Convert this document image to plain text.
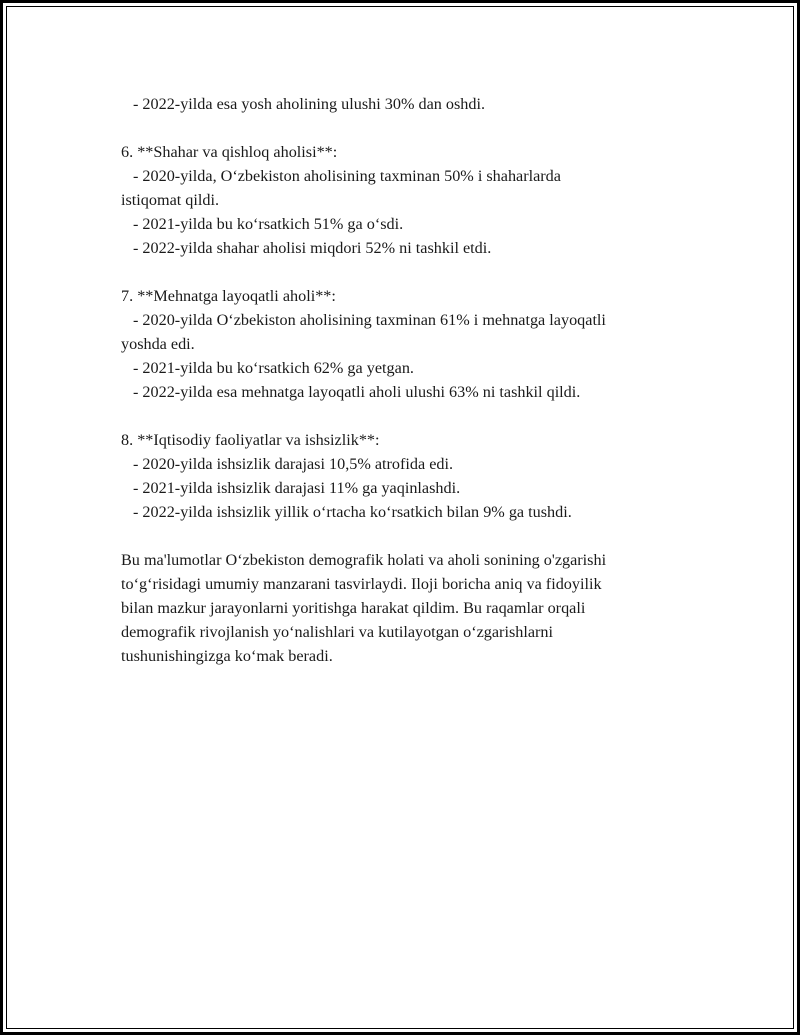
- 2022-yilda esa yosh aholining ulushi 30% dan oshdi.
6. **Shahar va qishloq aholisi**:
- 2020-yilda, O‘zbekiston aholisining taxminan 50% i shaharlarda
istiqomat qildi.
- 2021-yilda bu ko‘rsatkich 51% ga o‘sdi.
- 2022-yilda shahar aholisi miqdori 52% ni tashkil etdi.
7. **Mehnatga layoqatli aholi**:
- 2020-yilda O‘zbekiston aholisining taxminan 61% i mehnatga layoqatli
yoshda edi.
- 2021-yilda bu ko‘rsatkich 62% ga yetgan.
- 2022-yilda esa mehnatga layoqatli aholi ulushi 63% ni tashkil qildi.
8. **Iqtisodiy faoliyatlar va ishsizlik**:
- 2020-yilda ishsizlik darajasi 10,5% atrofida edi.
- 2021-yilda ishsizlik darajasi 11% ga yaqinlashdi.
- 2022-yilda ishsizlik yillik o‘rtacha ko‘rsatkich bilan 9% ga tushdi.
Bu ma'lumotlar O‘zbekiston demografik holati va aholi sonining o'zgarishi
to‘g‘risidagi umumiy manzarani tasvirlaydi. Iloji boricha aniq va fidoyilik
bilan mazkur jarayonlarni yoritishga harakat qildim. Bu raqamlar orqali
demografik rivojlanish yo‘nalishlari va kutilayotgan o‘zgarishlarni
tushunishingizga ko‘mak beradi.
